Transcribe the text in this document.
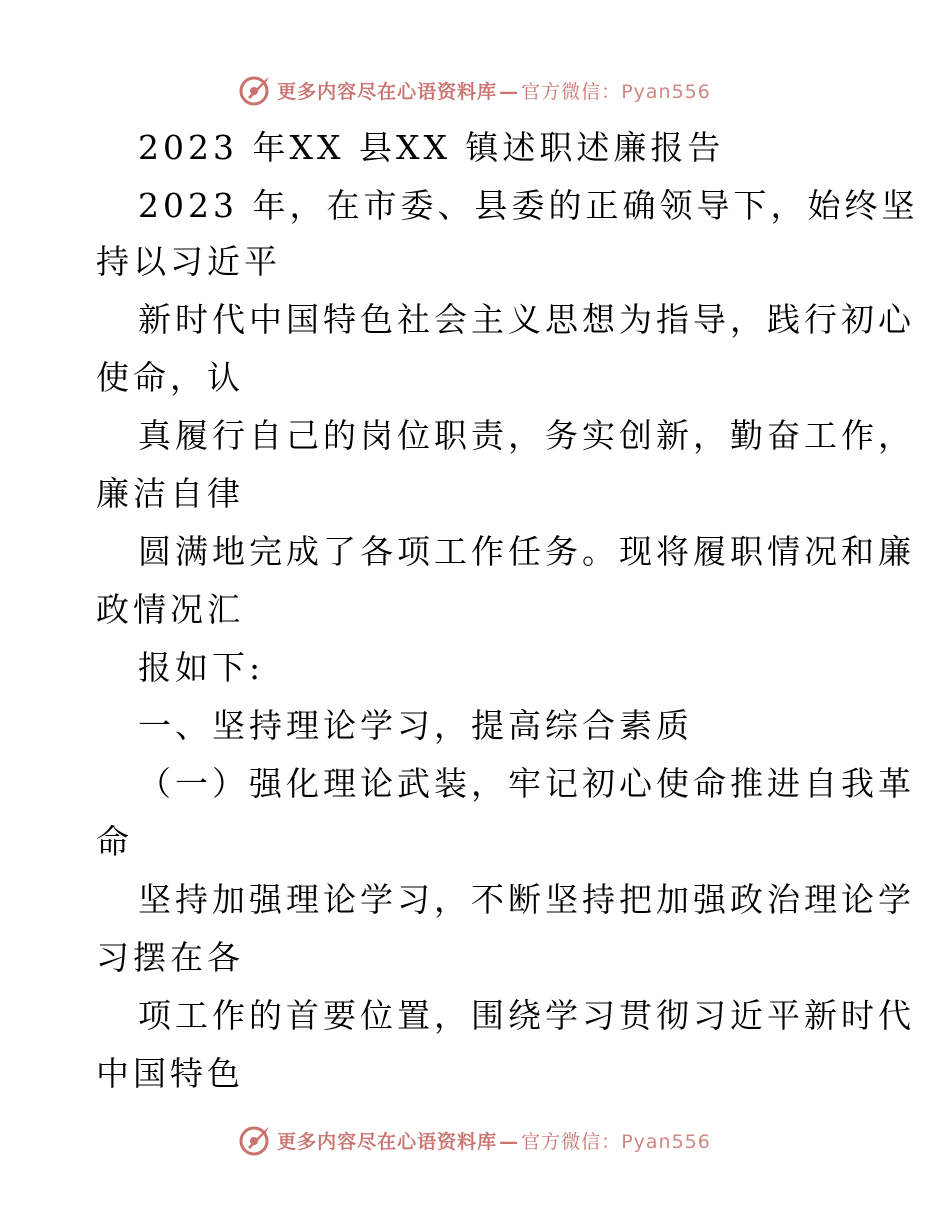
更多内容尽在心语资料库 — 官方微信：Pyan556
2023 年XX 县XX 镇述职述廉报告
2023 年，在市委、县委的正确领导下，始终坚
持以习近平
新时代中国特色社会主义思想为指导，践行初心
使命，认
真履行自己的岗位职责，务实创新，勤奋工作，
廉洁自律
圆满地完成了各项工作任务。现将履职情况和廉
政情况汇
报如下:
一、坚持理论学习，提高综合素质
（一）强化理论武装，牢记初心使命推进自我革
命
坚持加强理论学习，不断坚持把加强政治理论学
习摆在各
项工作的首要位置，围绕学习贯彻习近平新时代
中国特色
更多内容尽在心语资料库 — 官方微信：Pyan556
